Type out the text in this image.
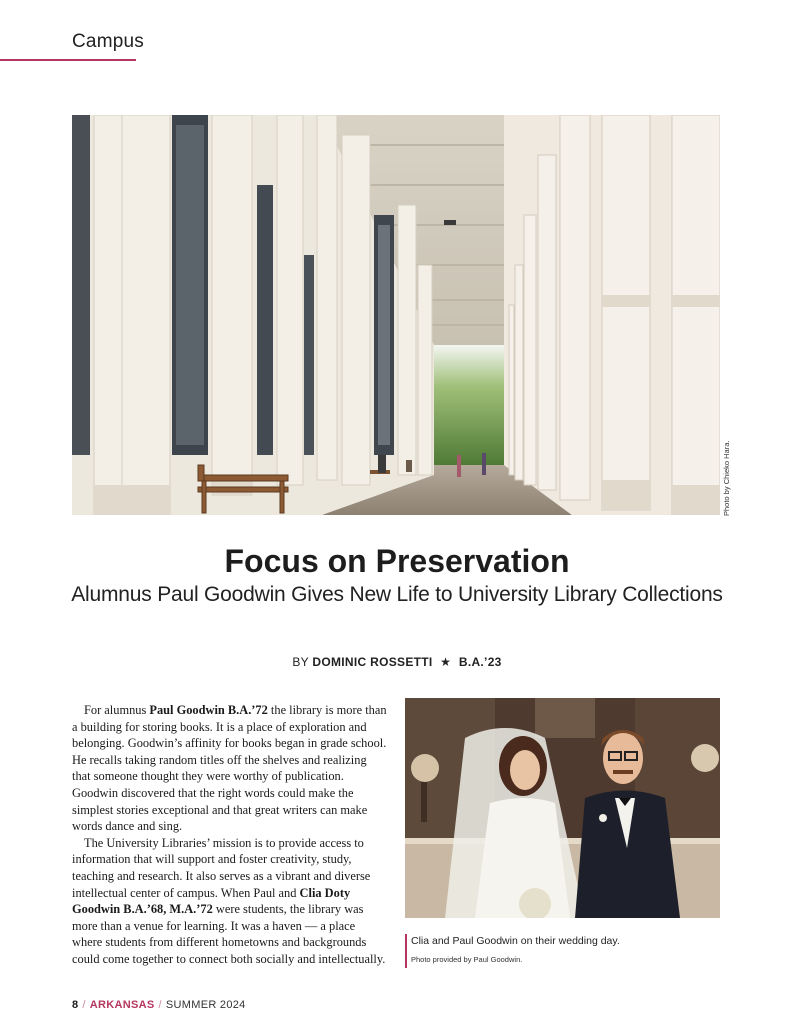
Campus
Photo by Chieko Hara.
Focus on Preservation
Alumnus Paul Goodwin Gives New Life to University Library Collections
BY DOMINIC ROSSETTI ★ B.A.’23

For alumnus Paul Goodwin B.A.’72 the library is more than a building for storing books. It is a place of exploration and belonging. Goodwin’s affinity for books began in grade school. He recalls taking random titles off the shelves and realizing that someone thought they were worthy of publication. Goodwin discovered that the right words could make the simplest stories exceptional and that great writers can make words dance and sing.

The University Libraries’ mission is to provide access to information that will support and foster creativity, study, teaching and research. It also serves as a vibrant and diverse intellectual center of campus. When Paul and Clia Doty Goodwin B.A.’68, M.A.’72 were students, the library was more than a venue for learning. It was a haven — a place where students from different hometowns and backgrounds could come together to connect both socially and intellectually.

Clia and Paul Goodwin on their wedding day.
Photo provided by Paul Goodwin.
8 / ARKANSAS / SUMMER 2024
